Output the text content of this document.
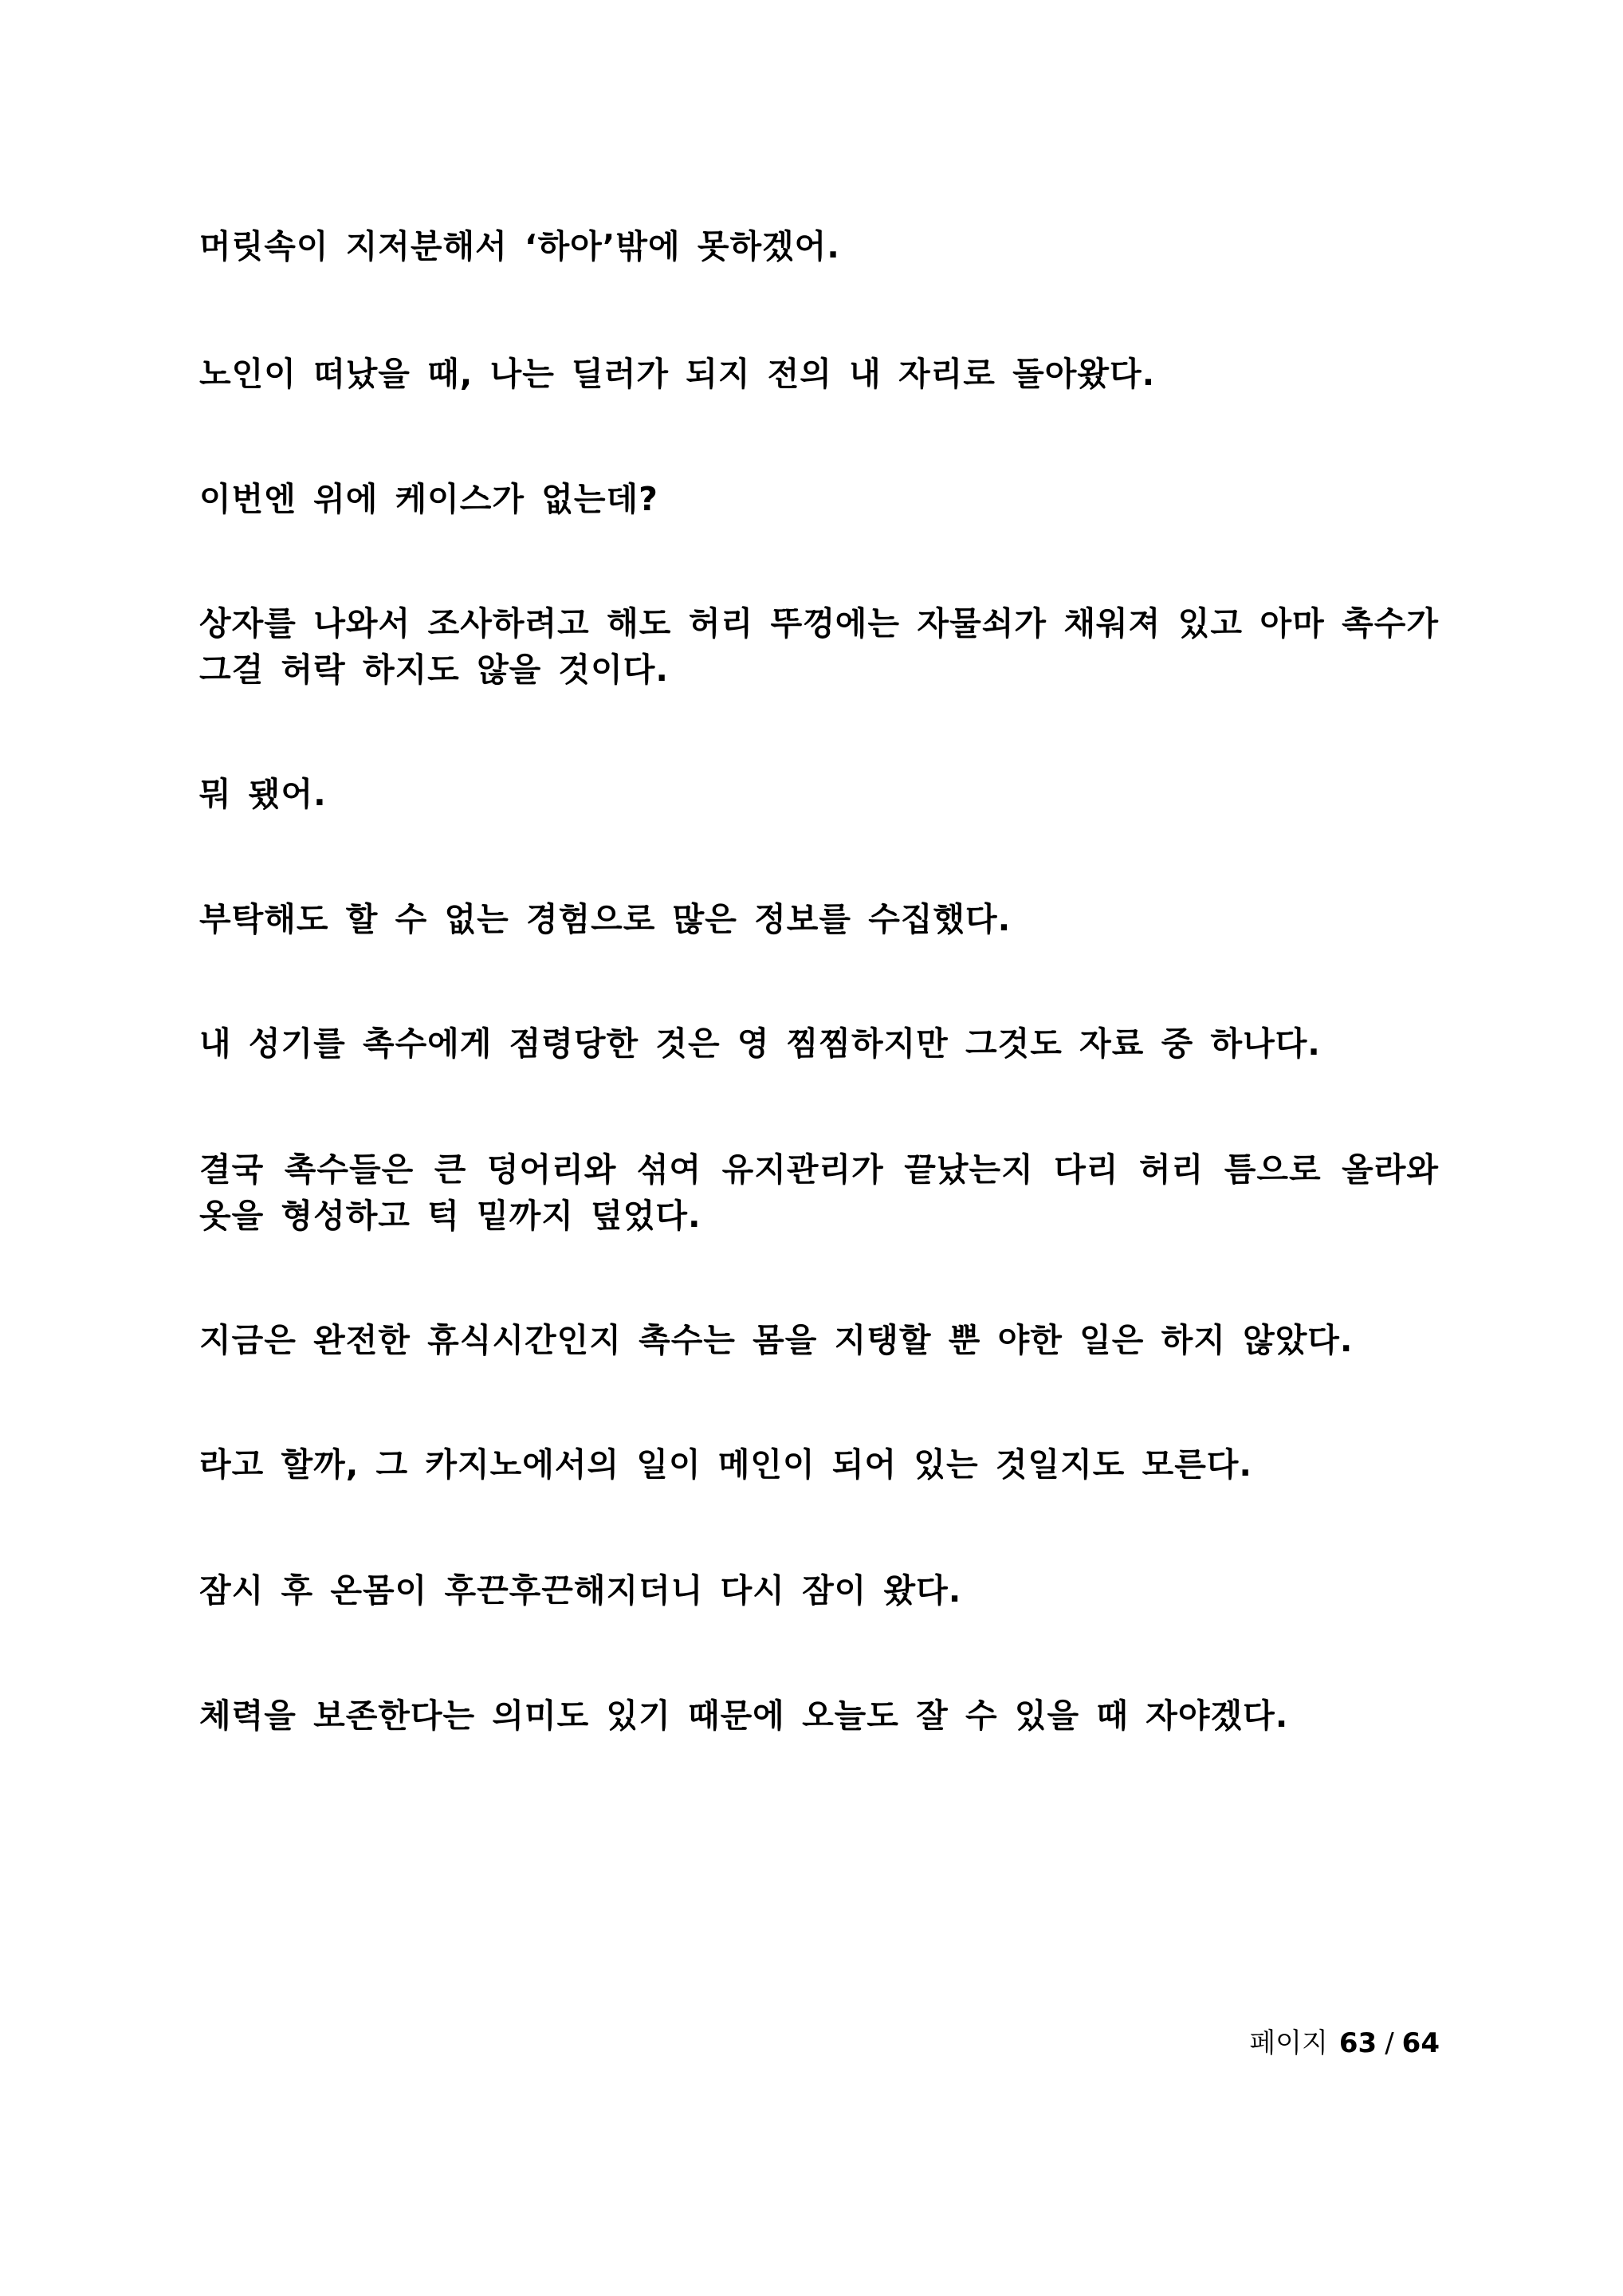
머릿속이 지저분해서 ‘하아’밖에 못하겠어.

노인이 떠났을 때, 나는 딜러가 되지 전의 내 자리로 돌아왔다.

이번엔 위에 케이스가 없는데?

상자를 나와서 조사하려고 해도 허리 뚜껑에는 자물쇠가 채워져 있고 아마 촉수가 그걸 허락 하지도 않을 것이다.

뭐 됐어.

부탁해도 할 수 없는 경험으로 많은 정보를 수집했다.

내 성기를 촉수에게 점령당한 것은 영 찜찜하지만 그것도 자료 중 하나다.

결국 촉수들은 큰 덩어리와 섞여 유지관리가 끝났는지 다리 허리 틈으로 올라와 옷을 형성하고 턱 밑까지 덮었다.

지금은 완전한 휴식시간인지 촉수는 몸을 지탱할 뿐 야한 일은 하지 않았다.

라고 할까, 그 카지노에서의 일이 메인이 되어 있는 것일지도 모른다.

잠시 후 온몸이 후끈후끈해지더니 다시 잠이 왔다.

체력을 보존한다는 의미도 있기 때문에 오늘도 잘 수 있을 때 자야겠다.

페이지 63 / 64
